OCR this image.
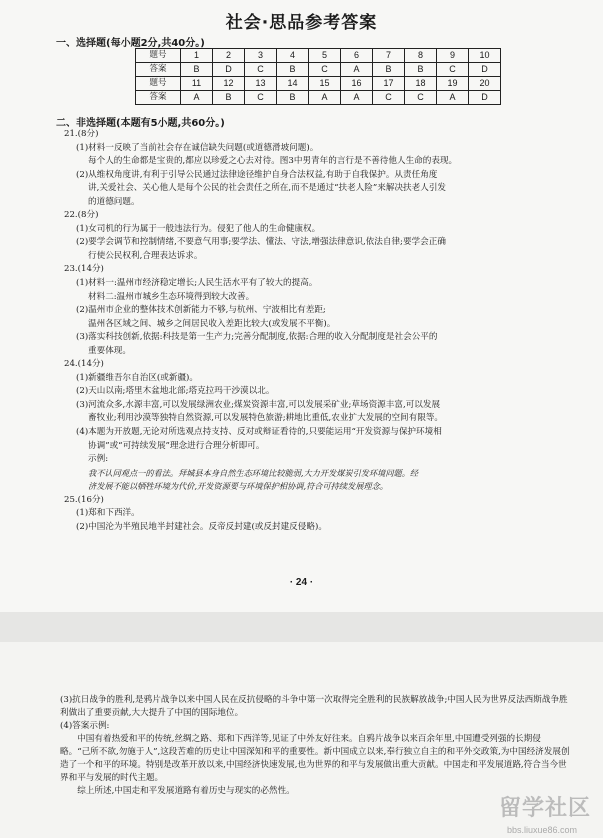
社会·思品参考答案
一、选择题(每小题2分,共40分。)
题号	1	2	3	4	5	6	7	8	9	10
答案	B	D	C	B	C	A	B	B	C	D
题号	11	12	13	14	15	16	17	18	19	20
答案	A	B	C	B	A	A	C	C	A	D
二、非选择题(本题有5小题,共60分。)
21.(8分)
(1)材料一反映了当前社会存在诚信缺失问题(或道德滑坡问题)。
每个人的生命都是宝贵的,都应以珍爱之心去对待。图3中男青年的言行是不善待他人生命的表现。
(2)从维权角度讲,有利于引导公民通过法律途径维护自身合法权益,有助于自我保护。从责任角度
讲,关爱社会、关心他人是每个公民的社会责任之所在,而不是通过“扶老人险”来解决扶老人引发
的道德问题。
22.(8分)
(1)女司机的行为属于一般违法行为。侵犯了他人的生命健康权。
(2)要学会调节和控制情绪,不要意气用事;要学法、懂法、守法,增强法律意识,依法自律;要学会正确
行使公民权利,合理表达诉求。
23.(14分)
(1)材料一:温州市经济稳定增长;人民生活水平有了较大的提高。
材料二:温州市城乡生态环境得到较大改善。
(2)温州市企业的整体技术创新能力不够,与杭州、宁波相比有差距;
温州各区域之间、城乡之间居民收入差距比较大(或发展不平衡)。
(3)落实科技创新,依据:科技是第一生产力;完善分配制度,依据:合理的收入分配制度是社会公平的
重要体现。
24.(14分)
(1)新疆维吾尔自治区(或新疆)。
(2)天山以南;塔里木盆地北部;塔克拉玛干沙漠以北。
(3)河流众多,水源丰富,可以发展绿洲农业;煤炭资源丰富,可以发展采矿业;草场资源丰富,可以发展
畜牧业;利用沙漠等独特自然资源,可以发展特色旅游;耕地比重低,农业扩大发展的空间有限等。
(4)本题为开放题,无论对所选观点持支持、反对或辩证看待的,只要能运用“开发资源与保护环境相
协调”或“可持续发展”理念进行合理分析即可。
示例:
我不认同观点一的看法。拜城县本身自然生态环境比较脆弱,大力开发煤炭引发环境问题。经
济发展不能以牺牲环境为代价,开发资源要与环境保护相协调,符合可持续发展理念。
25.(16分)
(1)郑和下西洋。
(2)中国沦为半殖民地半封建社会。反帝反封建(或反封建反侵略)。
· 24 ·
(3)抗日战争的胜利,是鸦片战争以来中国人民在反抗侵略的斗争中第一次取得完全胜利的民族解放战争;中国人民为世界反法西斯战争胜利做出了重要贡献,大大提升了中国的国际地位。
(4)答案示例:
中国有着热爱和平的传统,丝绸之路、郑和下西洋等,见证了中外友好往来。自鸦片战争以来百余年里,中国遭受列强的长期侵略。“己所不欲,勿施于人”,这段苦难的历史让中国深知和平的重要性。新中国成立以来,奉行独立自主的和平外交政策,为中国经济发展创造了一个和平的环境。特别是改革开放以来,中国经济快速发展,也为世界的和平与发展做出重大贡献。中国走和平发展道路,符合当今世界和平与发展的时代主题。
综上所述,中国走和平发展道路有着历史与现实的必然性。
留学社区
bbs.liuxue86.com
